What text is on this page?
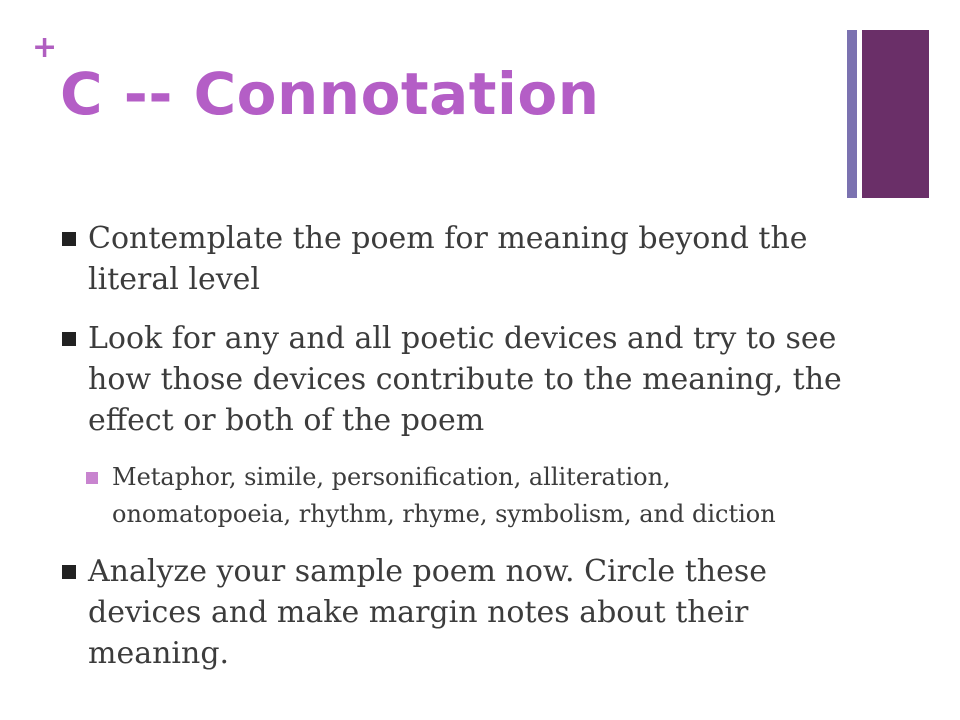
+
C -- Connotation
Contemplate the poem for meaning beyond the literal level
Look for any and all poetic devices and try to see how those devices contribute to the meaning, the effect or both of the poem
Metaphor, simile, personification, alliteration, onomatopoeia, rhythm, rhyme, symbolism, and diction
Analyze your sample poem now. Circle these devices and make margin notes about their meaning.
